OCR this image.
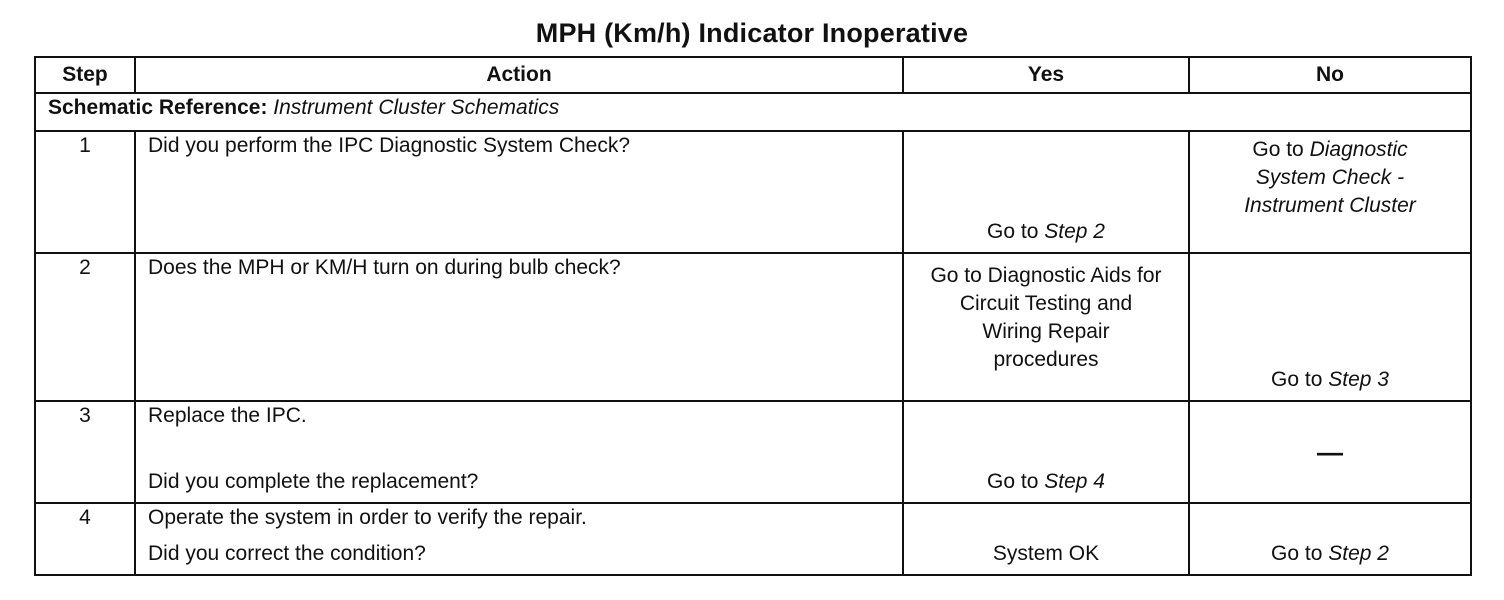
MPH (Km/h) Indicator Inoperative
Step	Action	Yes	No
Schematic Reference: Instrument Cluster Schematics			
1	Did you perform the IPC Diagnostic System Check?	Go to Step 2	Go to Diagnostic System Check - Instrument Cluster

2	Does the MPH or KM/H turn on during bulb check?	Go to Diagnostic Aids for Circuit Testing and Wiring Repair procedures	Go to Step 3

3	Replace the IPC.
Did you complete the replacement?	Go to Step 4	—

4	Operate the system in order to verify the repair.
Did you correct the condition?	System OK	Go to Step 2
